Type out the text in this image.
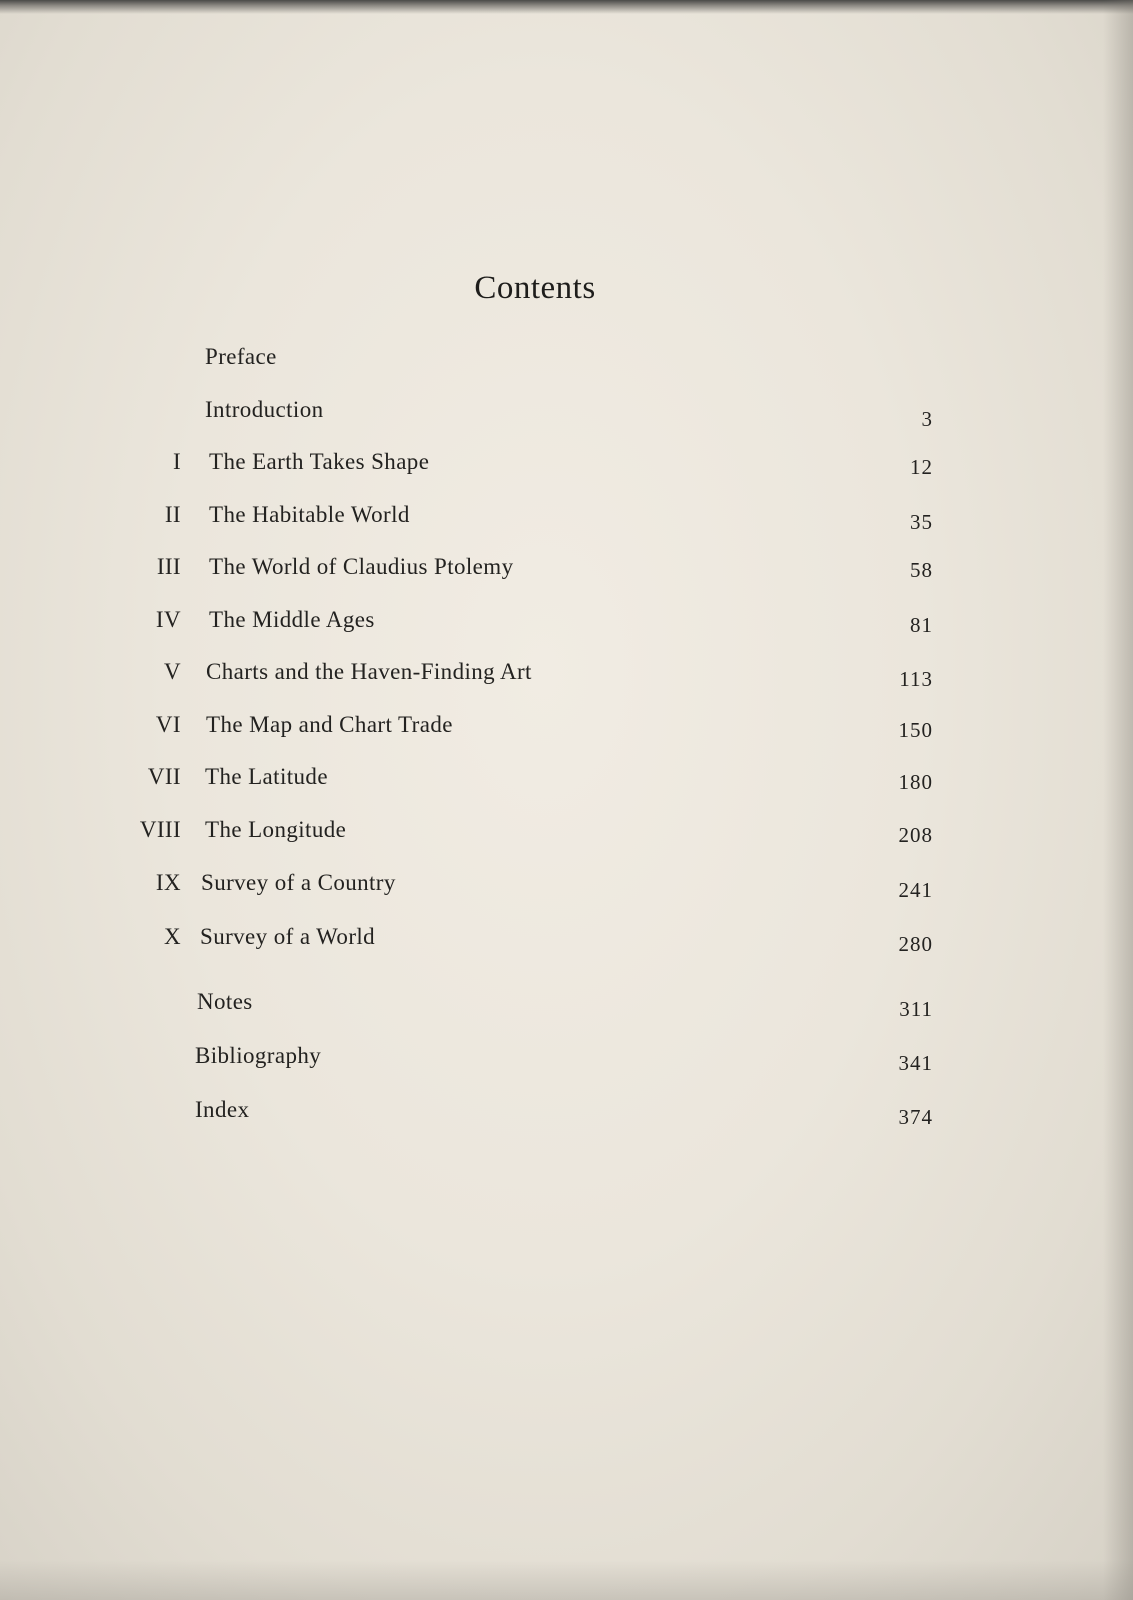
Contents
Preface
Introduction	3
I The Earth Takes Shape	12
II The Habitable World	35
III The World of Claudius Ptolemy	58
IV The Middle Ages	81
V Charts and the Haven-Finding Art	113
VI The Map and Chart Trade	150
VII The Latitude	180
VIII The Longitude	208
IX Survey of a Country	241
X Survey of a World	280
Notes	311
Bibliography	341
Index	374
